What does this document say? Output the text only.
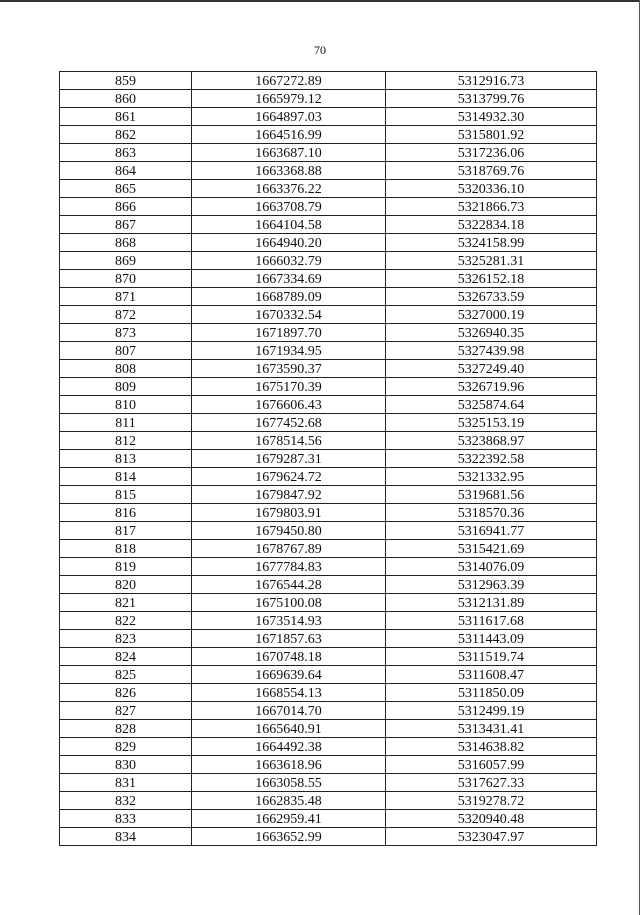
70
859	1667272.89	5312916.73
860	1665979.12	5313799.76
861	1664897.03	5314932.30
862	1664516.99	5315801.92
863	1663687.10	5317236.06
864	1663368.88	5318769.76
865	1663376.22	5320336.10
866	1663708.79	5321866.73
867	1664104.58	5322834.18
868	1664940.20	5324158.99
869	1666032.79	5325281.31
870	1667334.69	5326152.18
871	1668789.09	5326733.59
872	1670332.54	5327000.19
873	1671897.70	5326940.35
807	1671934.95	5327439.98
808	1673590.37	5327249.40
809	1675170.39	5326719.96
810	1676606.43	5325874.64
811	1677452.68	5325153.19
812	1678514.56	5323868.97
813	1679287.31	5322392.58
814	1679624.72	5321332.95
815	1679847.92	5319681.56
816	1679803.91	5318570.36
817	1679450.80	5316941.77
818	1678767.89	5315421.69
819	1677784.83	5314076.09
820	1676544.28	5312963.39
821	1675100.08	5312131.89
822	1673514.93	5311617.68
823	1671857.63	5311443.09
824	1670748.18	5311519.74
825	1669639.64	5311608.47
826	1668554.13	5311850.09
827	1667014.70	5312499.19
828	1665640.91	5313431.41
829	1664492.38	5314638.82
830	1663618.96	5316057.99
831	1663058.55	5317627.33
832	1662835.48	5319278.72
833	1662959.41	5320940.48
834	1663652.99	5323047.97
